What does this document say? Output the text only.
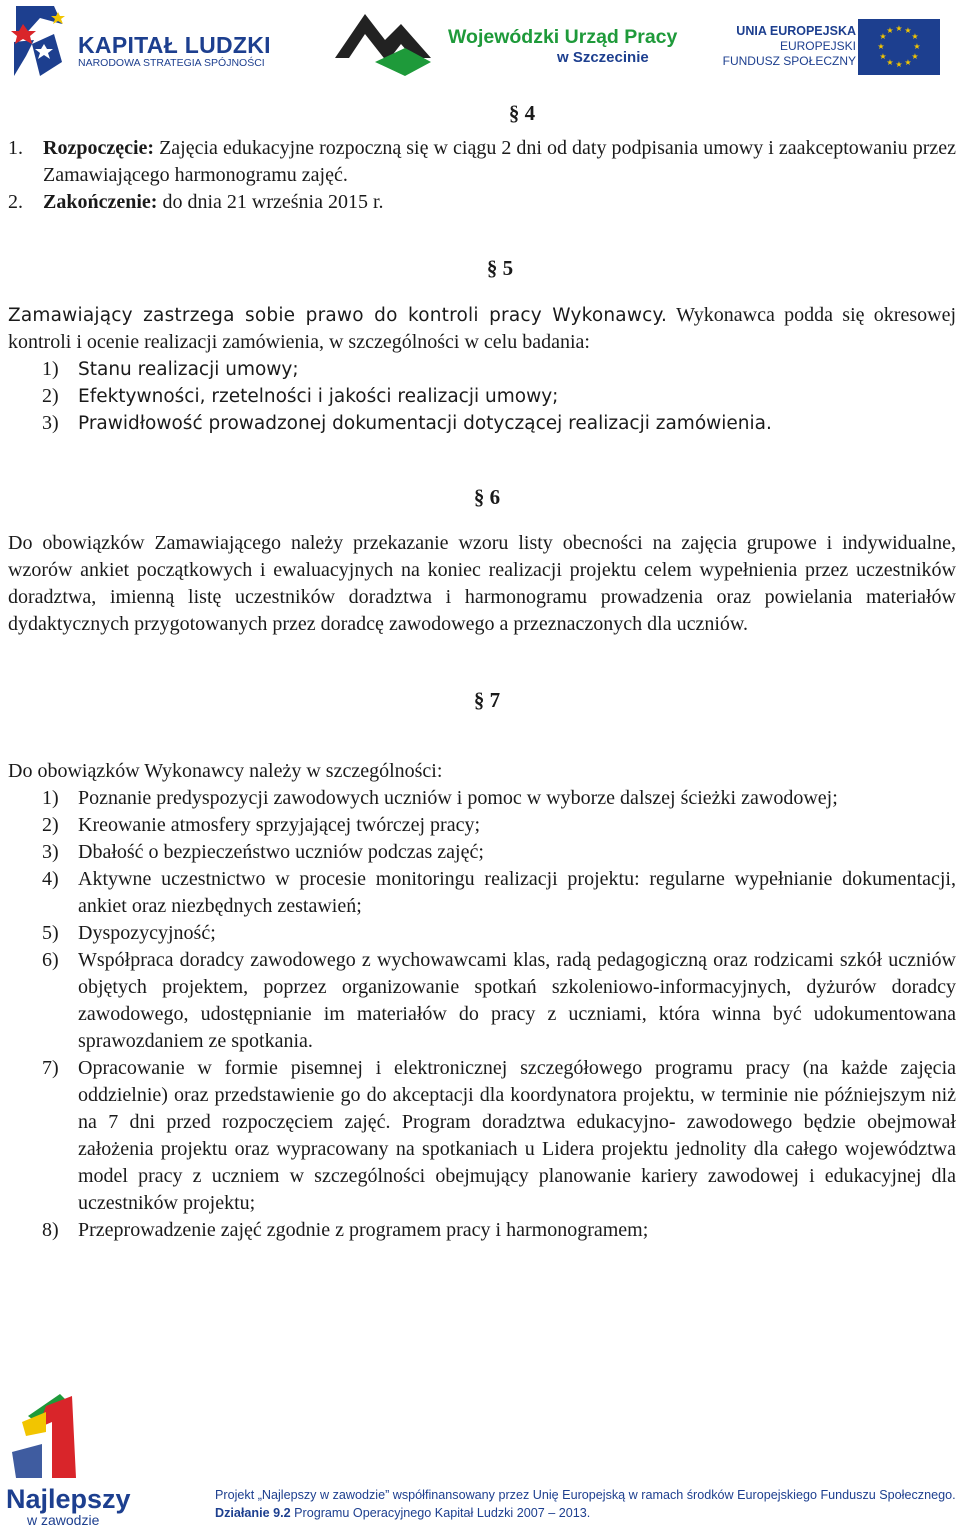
KAPITAŁ LUDZKI
NARODOWA STRATEGIA SPÓJNOŚCI
Wojewódzki Urząd Pracy
w Szczecinie
UNIA EUROPEJSKA
EUROPEJSKI
FUNDUSZ SPOŁECZNY
★ ★
★
★
★
★
★
★
★
★
★
★
§ 4
1. Rozpoczęcie: Zajęcia edukacyjne rozpoczną się w ciągu 2 dni od daty podpisania umowy i zaakceptowaniu przez Zamawiającego harmonogramu zajęć.
2. Zakończenie: do dnia 21 września 2015 r.
§ 5

Zamawiający zastrzega sobie prawo do kontroli pracy Wykonawcy. Wykonawca podda się okresowej kontroli i ocenie realizacji zamówienia, w szczególności w celu badania:

1) Stanu realizacji umowy;
2) Efektywności, rzetelności i jakości realizacji umowy;
3) Prawidłowość prowadzonej dokumentacji dotyczącej realizacji zamówienia.
§ 6

Do obowiązków Zamawiającego należy przekazanie wzoru listy obecności na zajęcia grupowe i indywidualne, wzorów ankiet początkowych i ewaluacyjnych na koniec realizacji projektu celem wypełnienia przez uczestników doradztwa, imienną listę uczestników doradztwa i harmonogramu prowadzenia oraz powielania materiałów dydaktycznych przygotowanych przez doradcę zawodowego a przeznaczonych dla uczniów.

§ 7

Do obowiązków Wykonawcy należy w szczególności:

1) Poznanie predyspozycji zawodowych uczniów i pomoc w wyborze dalszej ścieżki zawodowej;
2) Kreowanie atmosfery sprzyjającej twórczej pracy;
3) Dbałość o bezpieczeństwo uczniów podczas zajęć;
4) Aktywne uczestnictwo w procesie monitoringu realizacji projektu: regularne wypełnianie dokumentacji, ankiet oraz niezbędnych zestawień;
5) Dyspozycyjność;
6) Współpraca doradcy zawodowego z wychowawcami klas, radą pedagogiczną oraz rodzicami szkół uczniów objętych projektem, poprzez organizowanie spotkań szkoleniowo-informacyjnych, dyżurów doradcy zawodowego, udostępnianie im materiałów do pracy z uczniami, która winna być udokumentowana sprawozdaniem ze spotkania.
7) Opracowanie w formie pisemnej i elektronicznej szczegółowego programu pracy (na każde zajęcia oddzielnie) oraz przedstawienie go do akceptacji dla koordynatora projektu, w terminie nie późniejszym niż na 7 dni przed rozpoczęciem zajęć. Program doradztwa edukacyjno- zawodowego będzie obejmował założenia projektu oraz wypracowany na spotkaniach u Lidera projektu jednolity dla całego województwa model pracy z uczniem w szczególności obejmujący planowanie kariery zawodowej i edukacyjnej dla uczestników projektu;
8) Przeprowadzenie zajęć zgodnie z programem pracy i harmonogramem;
Najlepszy
w zawodzie
Projekt „Najlepszy w zawodzie” współfinansowany przez Unię Europejską w ramach środków Europejskiego Funduszu Społecznego.
Działanie 9.2 Programu Operacyjnego Kapitał Ludzki 2007 – 2013.
